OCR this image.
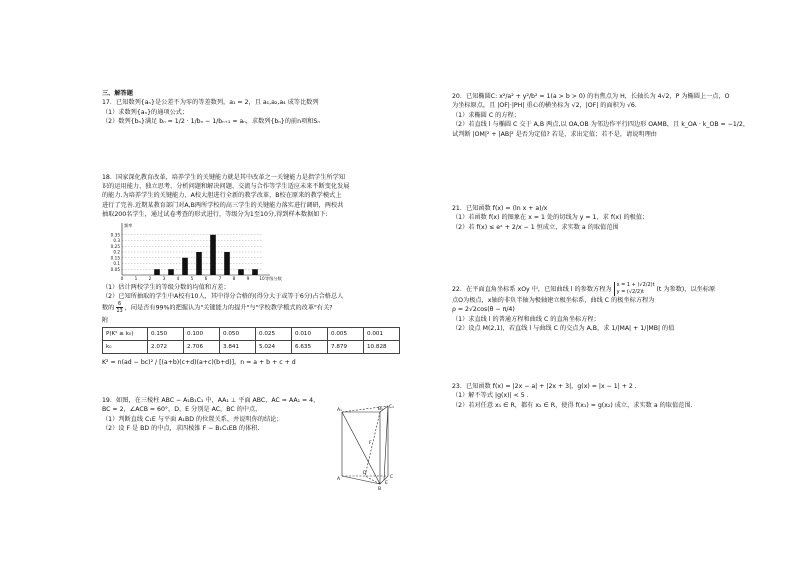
三、解答题

17．已知数列{aₙ}是公差不为零的等差数列，a₁ = 2，且 a₁,a₂,a₄ 成等比数列

（1）求数列{aₙ}的通项公式；

（2）数列{bₙ}满足 bₙ = 1/2 · 1/bₙ − 1/bₙ₊₁ = aₙ，求数列{bₙ}的前n项和Sₙ

18．国家深化教育改革，培养学生的关键能力就是其中改革之一关键能力是指学生所学知

识的运用能力、独立思考、分析问题和解决问题、交流与合作等学生适应未来不断变化发展

的能力.为培养学生的关键能力，A校大胆进行全新的教学改革，B校在原来的教学模式上

进行了完善.近期某教育部门对A,B两所学校的高三学生的关键能力落实进行调研，两校共

抽取200名学生，通过试卷考查的形式进行，等级分为1至10分,得到样本数据如下:

0.05
0.1
0.15
0.2
0.25
0.3
0.35
频率
0	1	2	3	4	5	6	7	8	9 10 等级分数

（1）估计两校学生的等级分数的均值和方差；

（2）已知所抽取的学生中A校有10人，其中得分合格的(得分大于或等于6分)占合格总人

数的 $\frac{6}{13}$ ，问是否有99%的把握认为"关键能力的提升"与"学校教学模式的改革"有关?

附

P(K² ≥ k₀)	0.150	0.100	0.050	0.025	0.010	0.005	0.001
k₀	2.072	2.706	3.841	5.024	6.635	7.879	10.828

K² = n(ad − bc)² / [(a+b)(c+d)(a+c)(b+d)]，n = a + b + c + d

19．如图，在三棱柱 ABC − A₁B₁C₁ 中，AA₁ ⊥ 平面 ABC，AC = AA₁ = 4，

BC = 2，∠ACB = 60°，D，E 分别是 AC，BC 的中点，

（1）判断直线 C₁E 与平面 A₁BD 的位置关系，并说明你的结论；

（2）设 F 是 BD 的中点，求四棱锥 F − B₁C₁EB 的体积.

A₁	B₁ C₁
A
B
C
D
E
F

20．已知椭圆C: x²/a² + y²/b² = 1(a > b > 0) 的右焦点为 H，长轴长为 4√2，P 为椭圆上一点，O

为坐标原点，且 |OF|·|PH| 重心的横坐标为 √2，|OF| 的面积为 √6.

（1）求椭圆 C 的方程；

（2）若直线 l 与椭圆 C 交于 A,B 两点,以 OA,OB 为邻边作平行四边形 OAMB，且 k_OA · k_OB = −1/2，

试判断 |OM|² + |AB|² 是否为定值? 若是，求出定值；若不是，请说明理由

21．已知函数 f(x) = (ln x + a)/x

（1）若函数 f(x) 的图象在 x = 1 处的切线为 y = 1，求 f(x) 的极值；

（2）若 f(x) ≤ eˣ + 2/x − 1 恒成立，求实数 a 的取值范围

22．在平面直角坐标系 xOy 中，已知曲线 l 的参数方程为
x = 1 + (√2/2)t
y = (√2/2)t	(t 为参数)，以坐标原

点O为极点，x轴的非负半轴为极轴建立极坐标系，曲线 C 的极坐标方程为

ρ = 2√2cos(θ − π/4)

（1）求直线 l 的普通方程和曲线 C 的直角坐标方程；

（2）设点 M(2,1)，若直线 l 与曲线 C 的交点为 A,B，求 1/|MA| + 1/|MB| 的值

23．已知函数 f(x) = |2x − a| + |2x + 3|，g(x) = |x − 1| + 2 .

（1）解不等式 |g(x)| < 5 .

（2）若对任意 x₁ ∈ R，都有 x₂ ∈ R，使得 f(x₁) = g(x₂) 成立，求实数 a 的取值范围.
